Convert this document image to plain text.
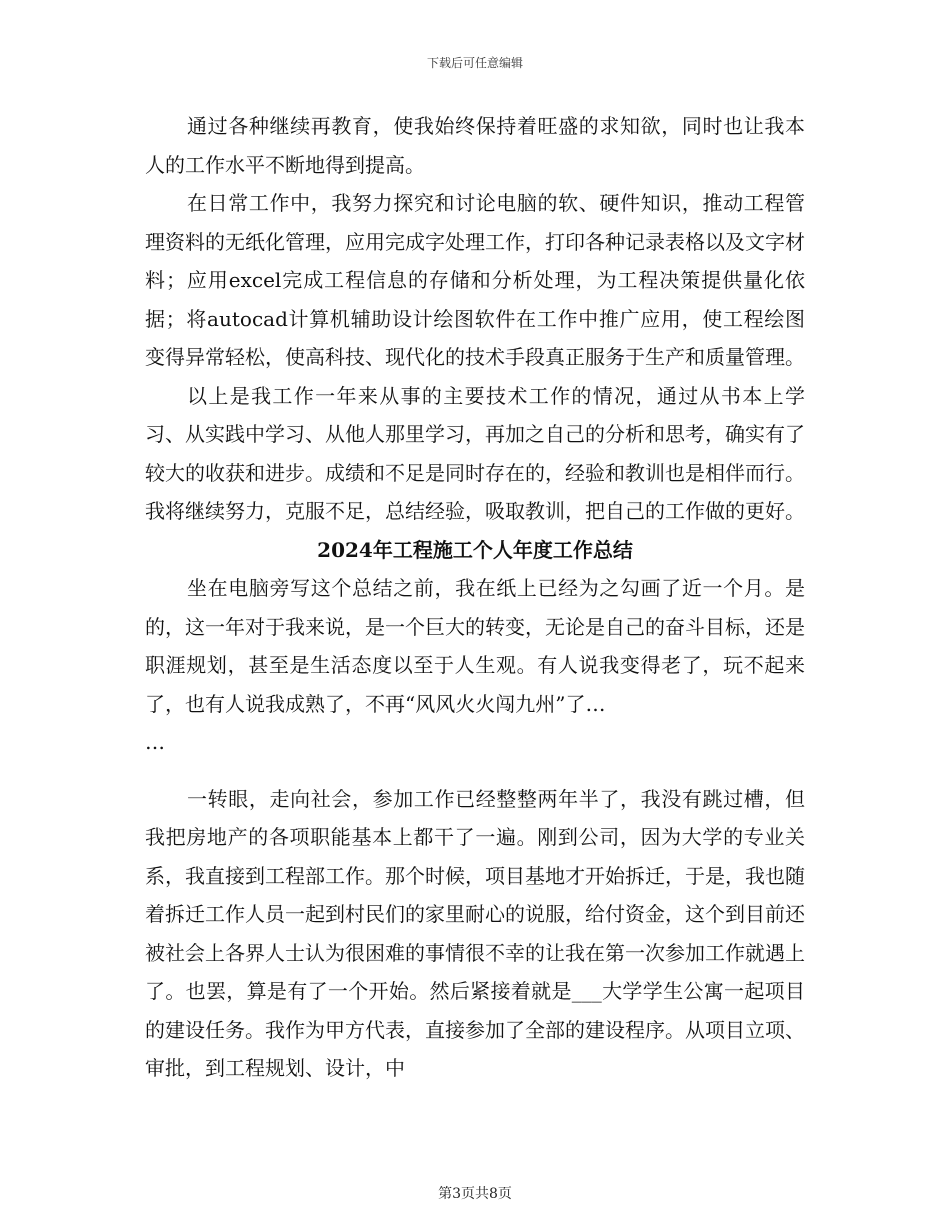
下载后可任意编辑

通过各种继续再教育，使我始终保持着旺盛的求知欲，同时也让我本人的工作水平不断地得到提高。

在日常工作中，我努力探究和讨论电脑的软、硬件知识，推动工程管理资料的无纸化管理，应用完成字处理工作，打印各种记录表格以及文字材料；应用excel完成工程信息的存储和分析处理，为工程决策提供量化依据；将autocad计算机辅助设计绘图软件在工作中推广应用，使工程绘图变得异常轻松，使高科技、现代化的技术手段真正服务于生产和质量管理。

以上是我工作一年来从事的主要技术工作的情况，通过从书本上学习、从实践中学习、从他人那里学习，再加之自己的分析和思考，确实有了较大的收获和进步。成绩和不足是同时存在的，经验和教训也是相伴而行。我将继续努力，克服不足，总结经验，吸取教训，把自己的工作做的更好。

2024年工程施工个人年度工作总结

坐在电脑旁写这个总结之前，我在纸上已经为之勾画了近一个月。是的，这一年对于我来说，是一个巨大的转变，无论是自己的奋斗目标，还是职涯规划，甚至是生活态度以至于人生观。有人说我变得老了，玩不起来了，也有人说我成熟了，不再“风风火火闯九州”了…

…

一转眼，走向社会，参加工作已经整整两年半了，我没有跳过槽，但我把房地产的各项职能基本上都干了一遍。刚到公司，因为大学的专业关系，我直接到工程部工作。那个时候，项目基地才开始拆迁，于是，我也随着拆迁工作人员一起到村民们的家里耐心的说服，给付资金，这个到目前还被社会上各界人士认为很困难的事情很不幸的让我在第一次参加工作就遇上了。也罢，算是有了一个开始。然后紧接着就是___大学学生公寓一起项目的建设任务。我作为甲方代表，直接参加了全部的建设程序。从项目立项、审批，到工程规划、设计，中

第3页共8页
